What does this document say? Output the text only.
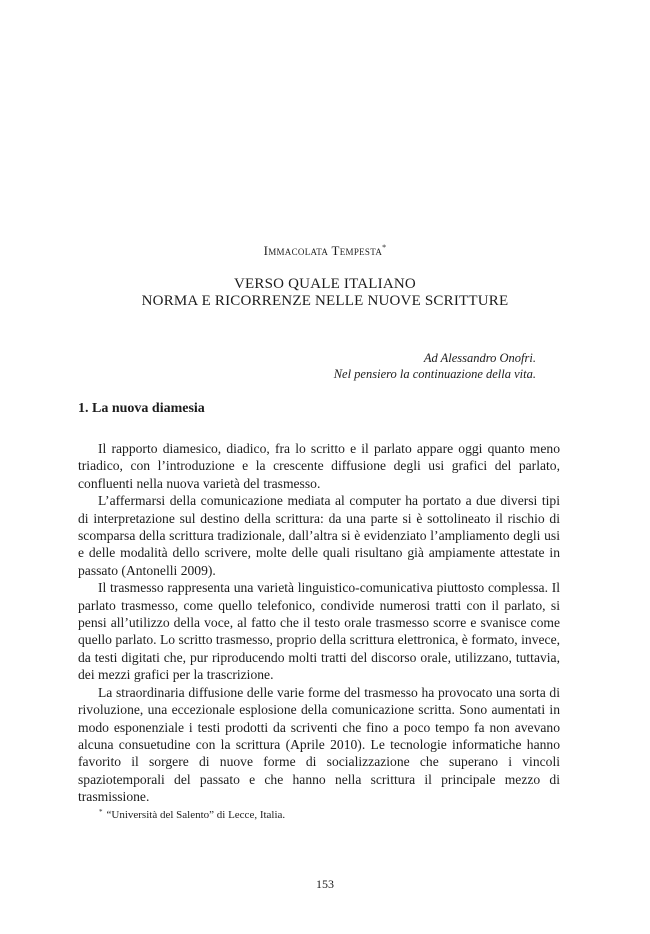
Immacolata Tempesta*
VERSO QUALE ITALIANO
NORMA E RICORRENZE NELLE NUOVE SCRITTURE
Ad Alessandro Onofri.
Nel pensiero la continuazione della vita.
1. La nuova diamesia

Il rapporto diamesico, diadico, fra lo scritto e il parlato appare oggi quanto meno triadico, con l’introduzione e la crescente diffusione degli usi grafici del parlato, confluenti nella nuova varietà del trasmesso.

L’affermarsi della comunicazione mediata al computer ha portato a due diversi tipi di interpretazione sul destino della scrittura: da una parte si è sottolineato il rischio di scomparsa della scrittura tradizionale, dall’altra si è evidenziato l’ampliamento degli usi e delle modalità dello scrivere, molte delle quali risultano già ampiamente attestate in passato (Antonelli 2009).

Il trasmesso rappresenta una varietà linguistico-comunicativa piuttosto complessa. Il parlato trasmesso, come quello telefonico, condivide numerosi tratti con il parlato, si pensi all’utilizzo della voce, al fatto che il testo orale trasmesso scorre e svanisce come quello parlato. Lo scritto trasmesso, proprio della scrittura elettronica, è formato, invece, da testi digitati che, pur riproducendo molti tratti del discorso orale, utilizzano, tuttavia, dei mezzi grafici per la trascrizione.

La straordinaria diffusione delle varie forme del trasmesso ha provocato una sorta di rivoluzione, una eccezionale esplosione della comunicazione scritta. Sono aumentati in modo esponenziale i testi prodotti da scriventi che fino a poco tempo fa non avevano alcuna consuetudine con la scrittura (Aprile 2010). Le tecnologie informatiche hanno favorito il sorgere di nuove forme di socializzazione che superano i vincoli spaziotemporali del passato e che hanno nella scrittura il principale mezzo di trasmissione.

* “Università del Salento” di Lecce, Italia.
153
